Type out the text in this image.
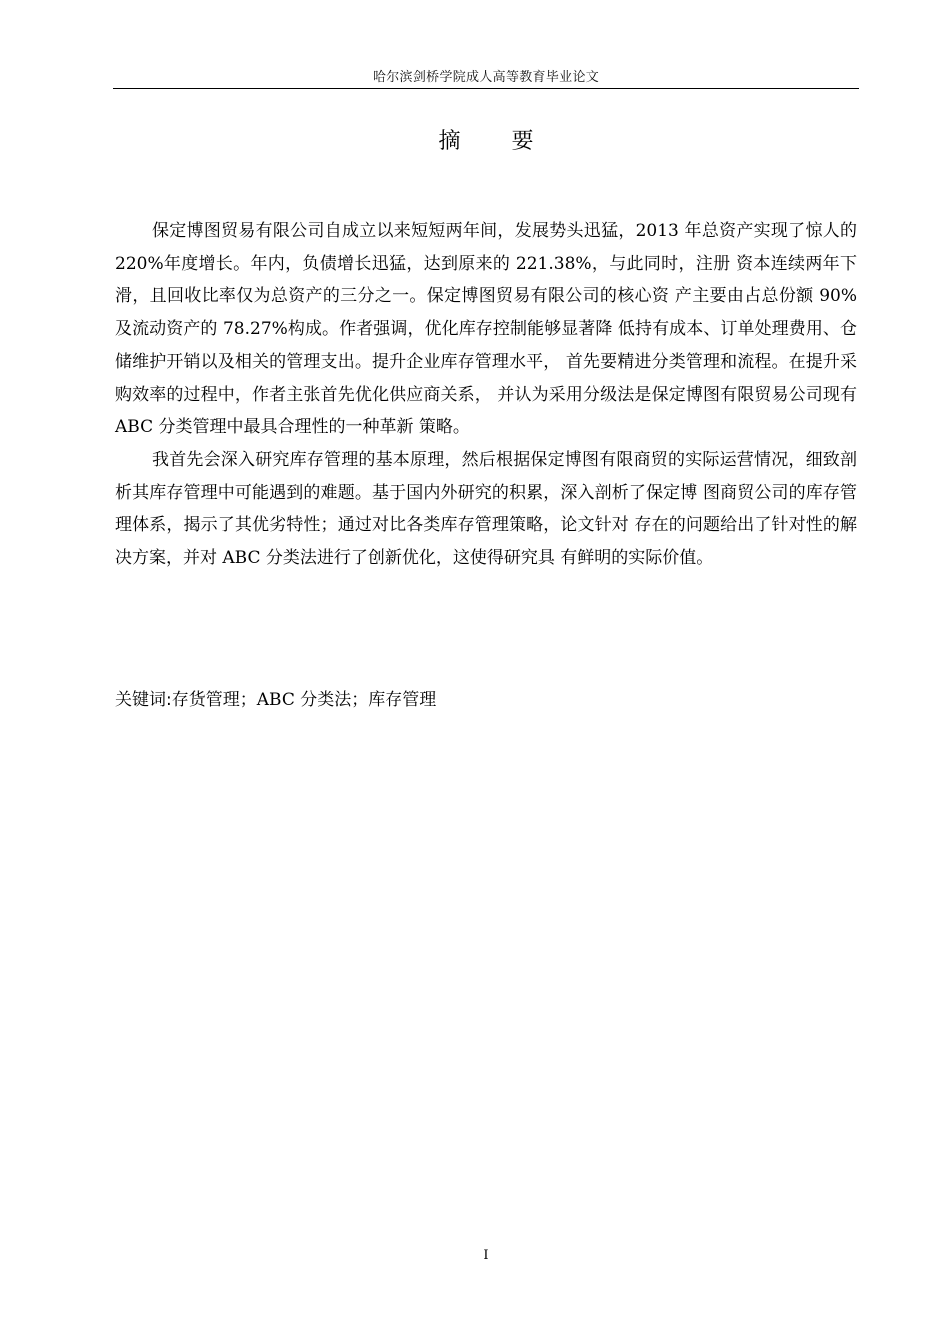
哈尔滨剑桥学院成人高等教育毕业论文
摘 要

保定博图贸易有限公司自成立以来短短两年间，发展势头迅猛，2013 年总资产实现了惊人的 220%年度增长。年内，负债增长迅猛，达到原来的 221.38%，与此同时，注册 资本连续两年下滑，且回收比率仅为总资产的三分之一。保定博图贸易有限公司的核心资 产主要由占总份额 90%及流动资产的 78.27%构成。作者强调，优化库存控制能够显著降 低持有成本、订单处理费用、仓储维护开销以及相关的管理支出。提升企业库存管理水平， 首先要精进分类管理和流程。在提升采购效率的过程中，作者主张首先优化供应商关系， 并认为采用分级法是保定博图有限贸易公司现有 ABC 分类管理中最具合理性的一种革新 策略。

我首先会深入研究库存管理的基本原理，然后根据保定博图有限商贸的实际运营情况，细致剖析其库存管理中可能遇到的难题。基于国内外研究的积累，深入剖析了保定博 图商贸公司的库存管理体系，揭示了其优劣特性；通过对比各类库存管理策略，论文针对 存在的问题给出了针对性的解决方案，并对 ABC 分类法进行了创新优化，这使得研究具 有鲜明的实际价值。

关键词:存货管理；ABC 分类法；库存管理
I
